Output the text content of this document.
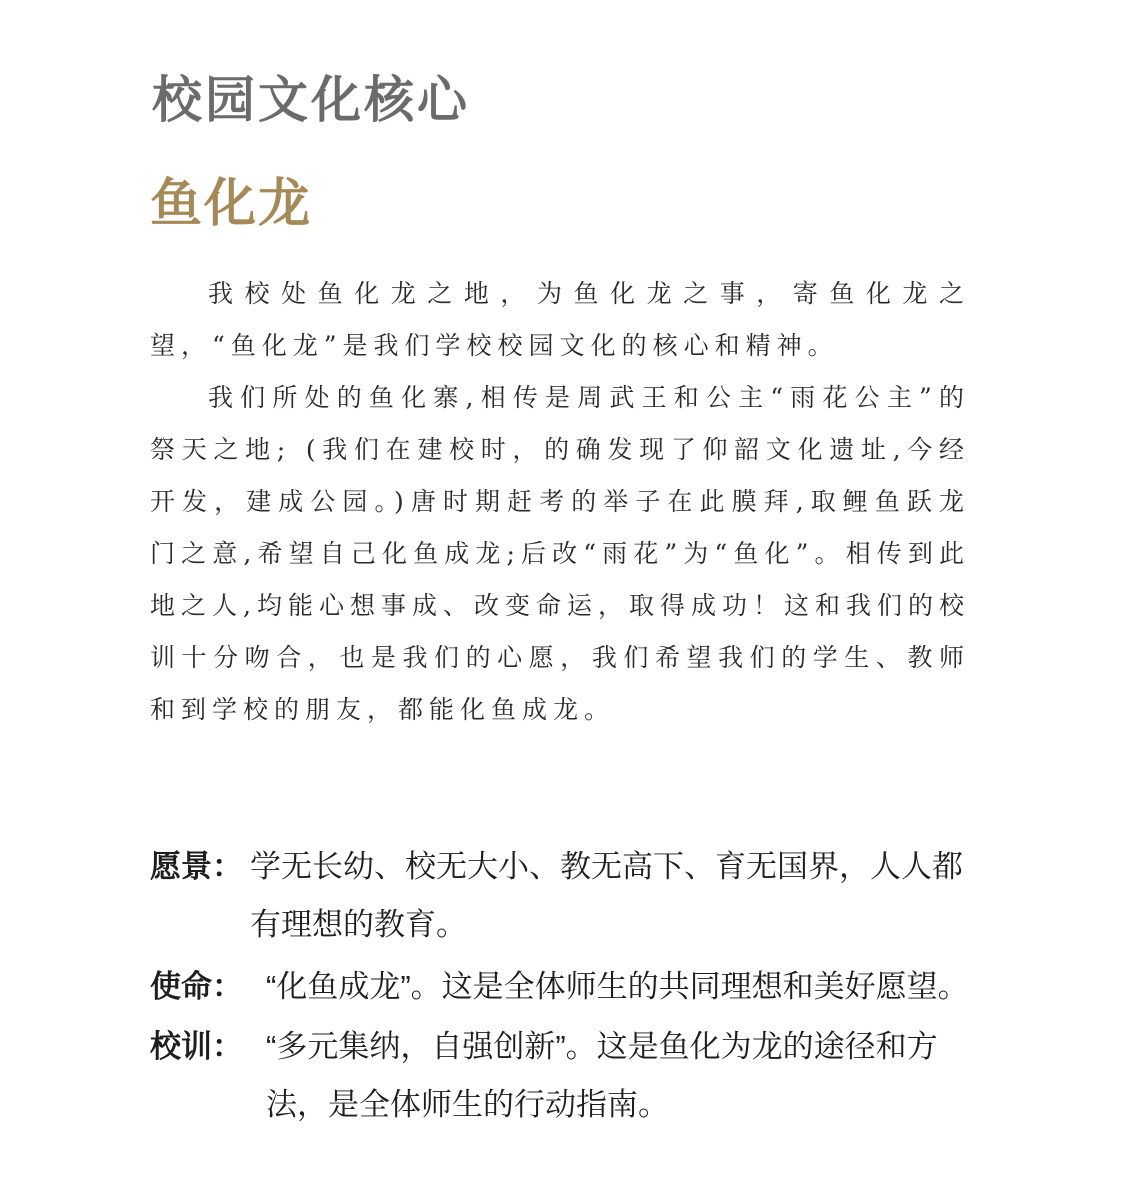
校园文化核心
鱼化龙

我校处鱼化龙之地，为鱼化龙之事，寄鱼化龙之望，“鱼化龙”是我们学校校园文化的核心和精神。

我们所处的鱼化寨,相传是周武王和公主“雨花公主”的祭天之地; (我们在建校时，的确发现了仰韶文化遗址,今经开发，建成公园。)唐时期赶考的举子在此膜拜,取鲤鱼跃龙门之意,希望自己化鱼成龙;后改“雨花”为“鱼化”。相传到此地之人,均能心想事成、改变命运，取得成功！这和我们的校训十分吻合，也是我们的心愿，我们希望我们的学生、教师和到学校的朋友，都能化鱼成龙。

愿景： 学无长幼、校无大小、教无高下、育无国界，人人都有理想的教育。
使命： “化鱼成龙”。这是全体师生的共同理想和美好愿望。
校训： “多元集纳，自强创新”。这是鱼化为龙的途径和方法，是全体师生的行动指南。
